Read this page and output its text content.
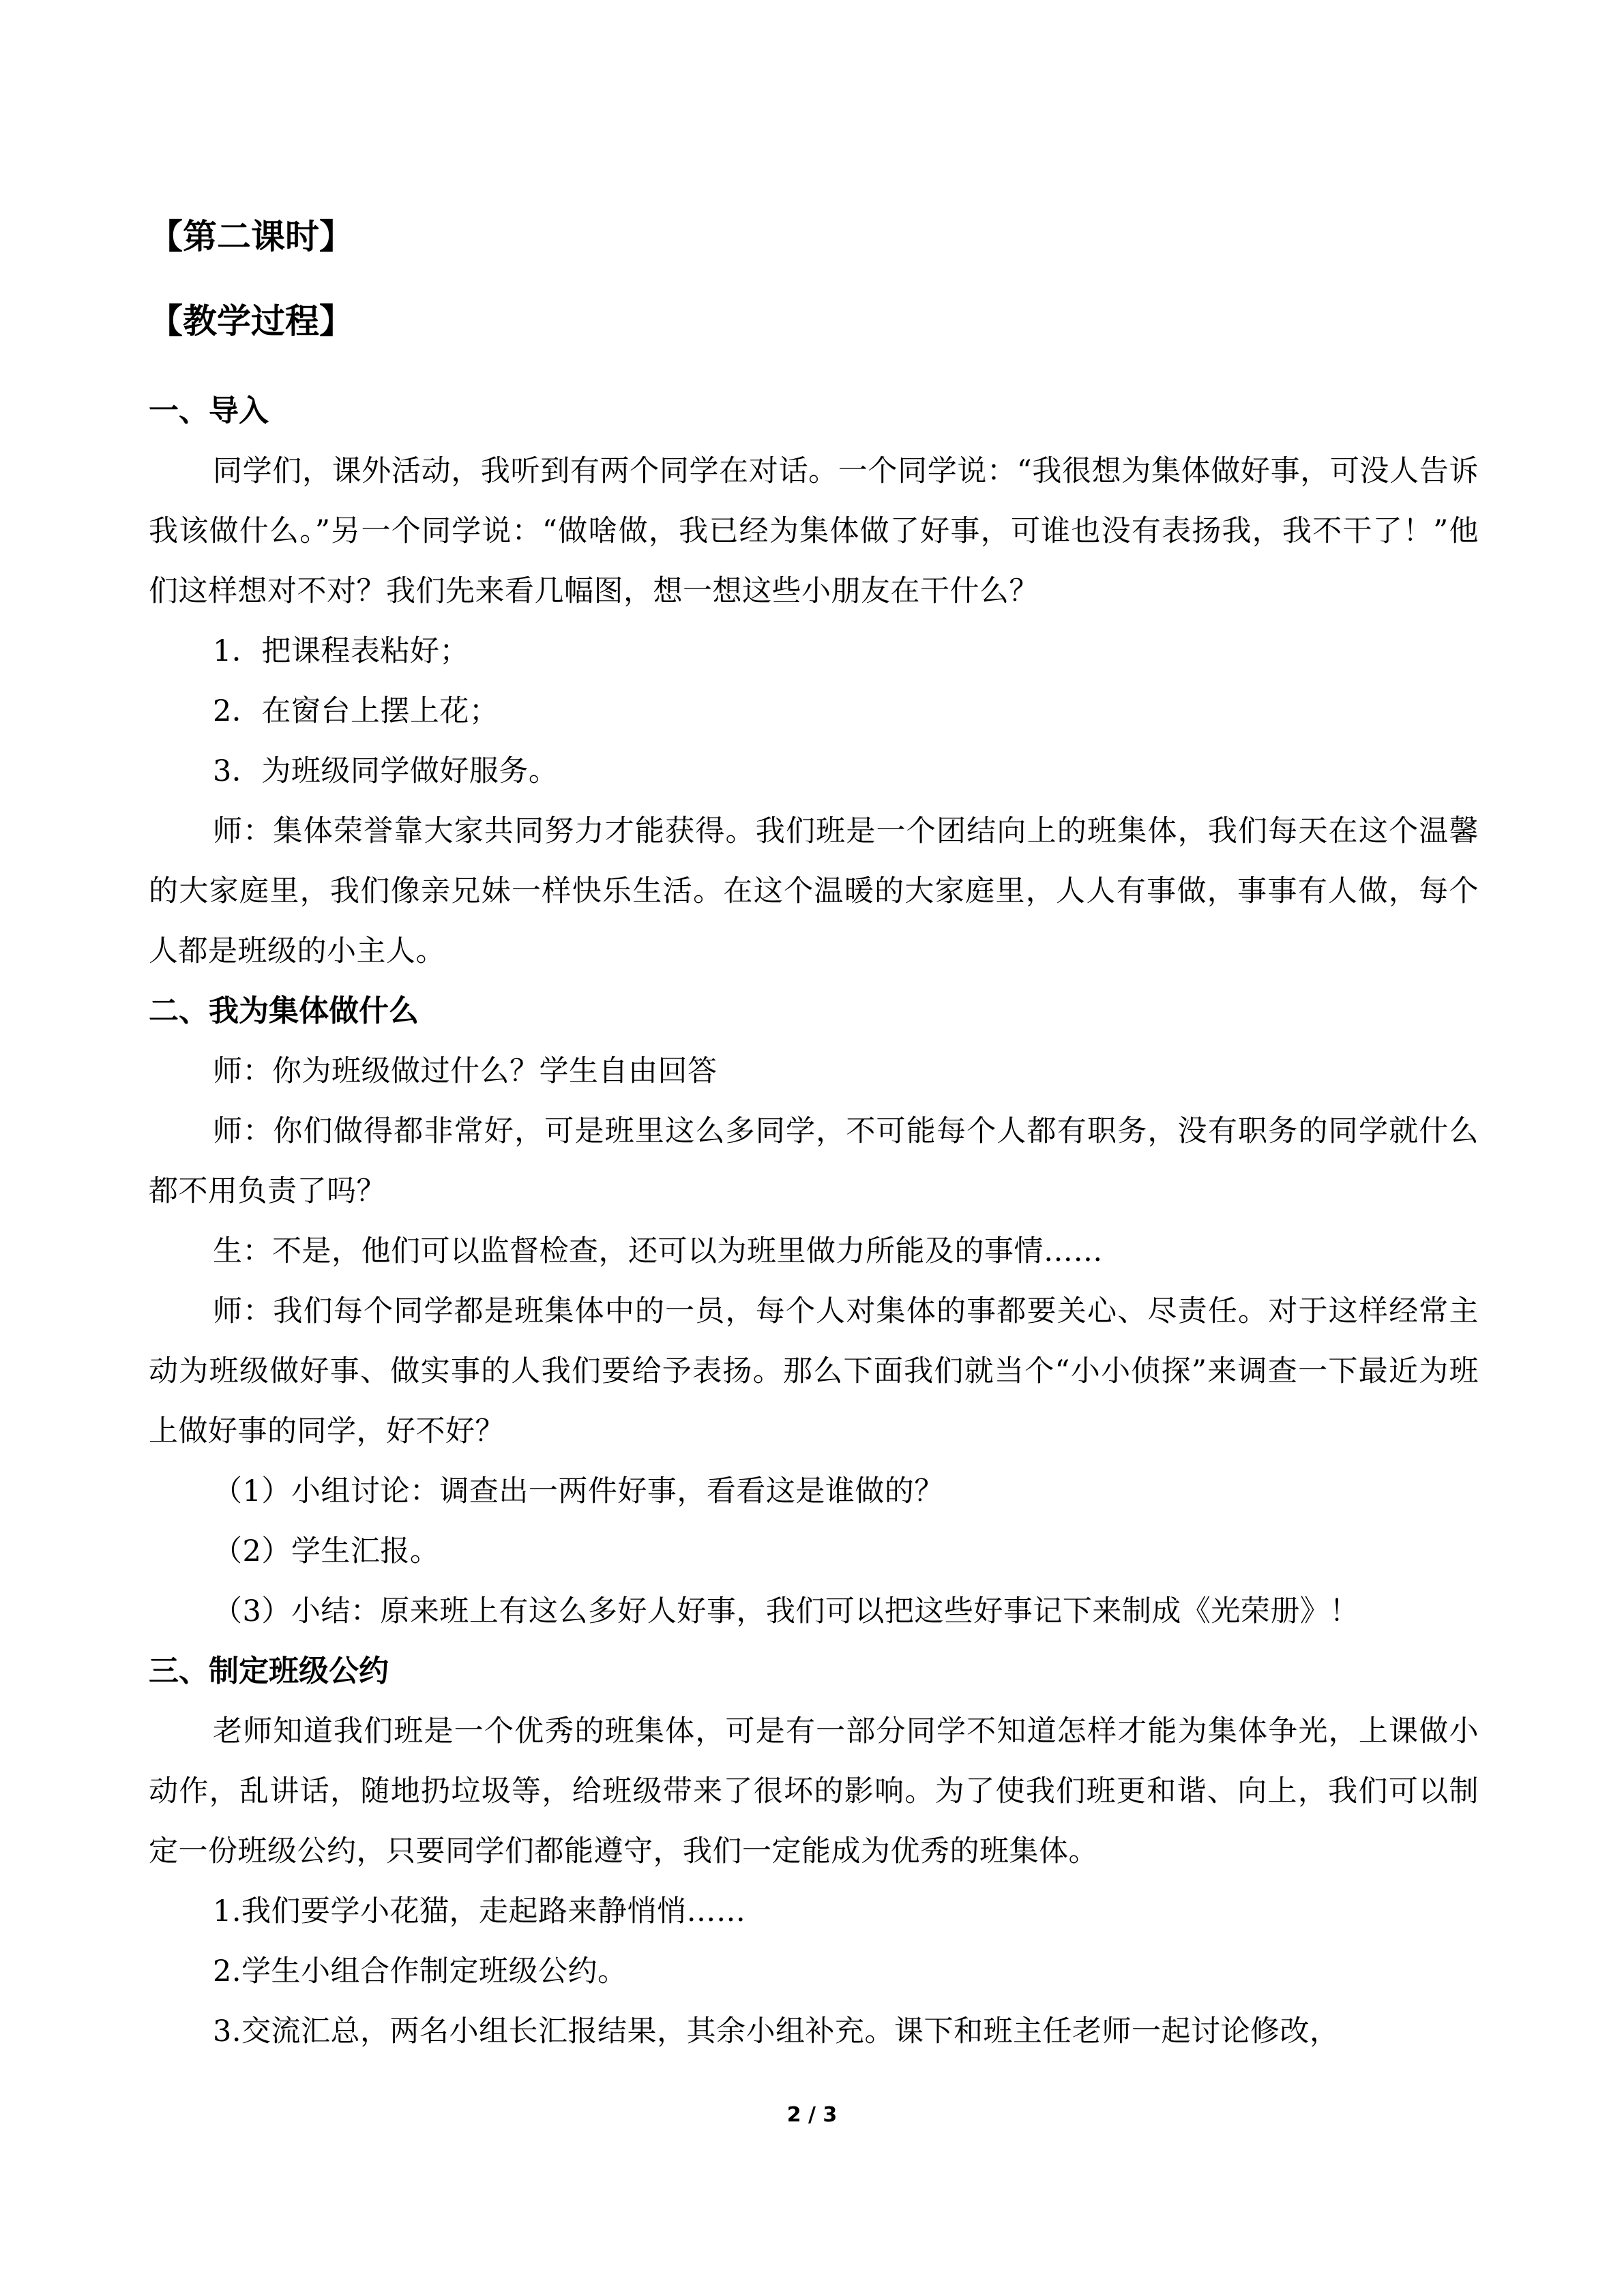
【第二课时】
【教学过程】
一、导入
同学们，课外活动，我听到有两个同学在对话。一个同学说：“我很想为集体做好事，可没人告诉我该做什么。”另一个同学说：“做啥做，我已经为集体做了好事，可谁也没有表扬我，我不干了！”他们这样想对不对？我们先来看几幅图，想一想这些小朋友在干什么？
1．把课程表粘好；
2．在窗台上摆上花；
3．为班级同学做好服务。
师：集体荣誉靠大家共同努力才能获得。我们班是一个团结向上的班集体，我们每天在这个温馨的大家庭里，我们像亲兄妹一样快乐生活。在这个温暖的大家庭里，人人有事做，事事有人做，每个人都是班级的小主人。
二、我为集体做什么
师：你为班级做过什么？学生自由回答
师：你们做得都非常好，可是班里这么多同学，不可能每个人都有职务，没有职务的同学就什么都不用负责了吗？
生：不是，他们可以监督检查，还可以为班里做力所能及的事情……
师：我们每个同学都是班集体中的一员，每个人对集体的事都要关心、尽责任。对于这样经常主动为班级做好事、做实事的人我们要给予表扬。那么下面我们就当个“小小侦探”来调查一下最近为班上做好事的同学，好不好？
（1）小组讨论：调查出一两件好事，看看这是谁做的？
（2）学生汇报。
（3）小结：原来班上有这么多好人好事，我们可以把这些好事记下来制成《光荣册》！
三、制定班级公约
老师知道我们班是一个优秀的班集体，可是有一部分同学不知道怎样才能为集体争光，上课做小动作，乱讲话，随地扔垃圾等，给班级带来了很坏的影响。为了使我们班更和谐、向上，我们可以制定一份班级公约，只要同学们都能遵守，我们一定能成为优秀的班集体。
1.我们要学小花猫，走起路来静悄悄……
2.学生小组合作制定班级公约。
3.交流汇总，两名小组长汇报结果，其余小组补充。课下和班主任老师一起讨论修改，
2 / 3
